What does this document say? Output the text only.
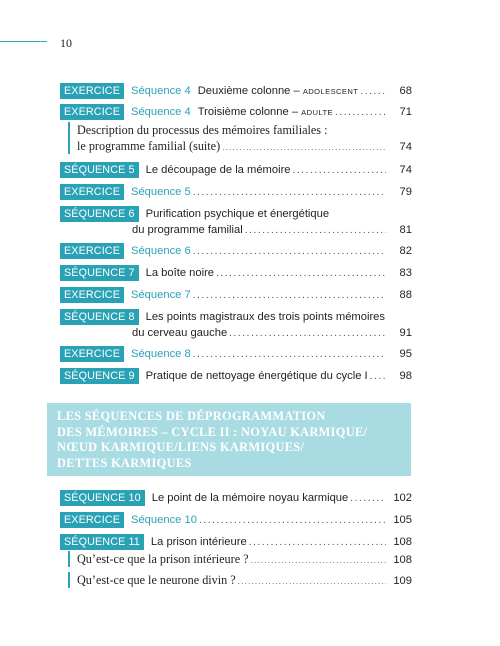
10
EXERCICE Séquence 4 Deuxième colonne – ADOLESCENT .....	68
EXERCICE Séquence 4 Troisième colonne – ADULTE .....	71
Description du processus des mémoires familiales :
le programme familial (suite) .....	74
SÉQUENCE 5 Le découpage de la mémoire .....	74
EXERCICE Séquence 5 .....	79
SÉQUENCE 6 Purification psychique et énergétique
du programme familial .....	81
EXERCICE Séquence 6 .....	82
SÉQUENCE 7 La boîte noire .....	83
EXERCICE Séquence 7 .....	88
SÉQUENCE 8 Les points magistraux des trois points mémoires
du cerveau gauche .....	91
EXERCICE Séquence 8 .....	95
SÉQUENCE 9 Pratique de nettoyage énergétique du cycle I .....	98
LES SÉQUENCES DE DÉPROGRAMMATION
DES MÉMOIRES – CYCLE II : NOYAU KARMIQUE/
NŒUD KARMIQUE/LIENS KARMIQUES/
DETTES KARMIQUES
SÉQUENCE 10 Le point de la mémoire noyau karmique .....	102
EXERCICE Séquence 10 .....	105
SÉQUENCE 11 La prison intérieure .....	108
Qu’est-ce que la prison intérieure ? .....	108
Qu’est-ce que le neurone divin ? .....	109
